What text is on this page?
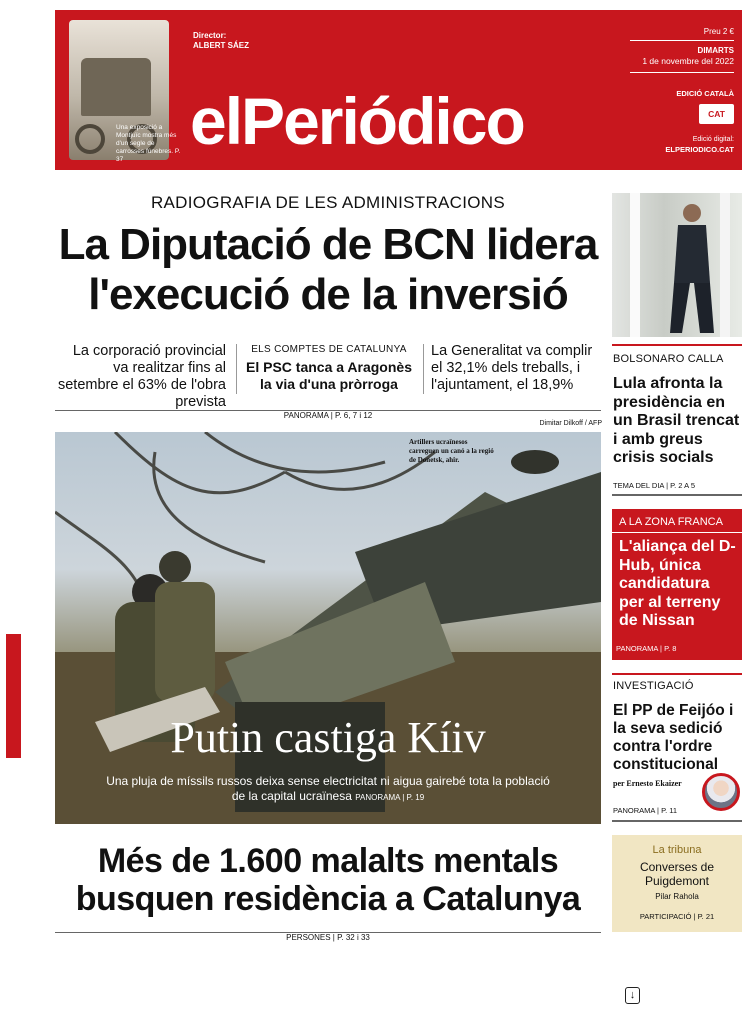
Una exposició a Montjuïc mostra més d'un segle de carrosses fúnebres. P. 37
elPeriódico
Director:
ALBERT SÁEZ
Preu 2 €
DIMARTS
1 de novembre del 2022
EDICIÓ CATALÀ
CAT
Edició digital:
ELPERIODICO.CAT
RADIOGRAFIA DE LES ADMINISTRACIONS
La Diputació de BCN lidera
l'execució de la inversió
La corporació provincial va realitzar fins al setembre el 63% de l'obra prevista
ELS COMPTES DE CATALUNYA
El PSC tanca a Aragonès la via d'una pròrroga
La Generalitat va complir el 32,1% dels treballs, i l'ajuntament, el 18,9%
PANORAMA | P. 6, 7 i 12
Dimitar Dilkoff / AFP
Artillers ucraïnesos carreguen un canó a la regió de Donetsk, ahir.
Putin castiga Kíiv
Una pluja de míssils russos deixa sense electricitat ni aigua gairebé tota la població de la capital ucraïnesa PANORAMA | P. 19
Més de 1.600 malalts mentals
busquen residència a Catalunya
PERSONES | P. 32 i 33
BOLSONARO CALLA
Lula afronta la presidència en un Brasil trencat i amb greus crisis socials
TEMA DEL DIA | P. 2 A 5
A LA ZONA FRANCA
L'aliança del D-Hub, única candidatura per al terreny de Nissan
PANORAMA | P. 8
INVESTIGACIÓ
El PP de Feijóo i la seva sedició contra l'ordre constitucional
per Ernesto Ekaizer
PANORAMA | P. 11
La tribuna
Converses de Puigdemont
Pilar Rahola
PARTICIPACIÓ | P. 21
↓
